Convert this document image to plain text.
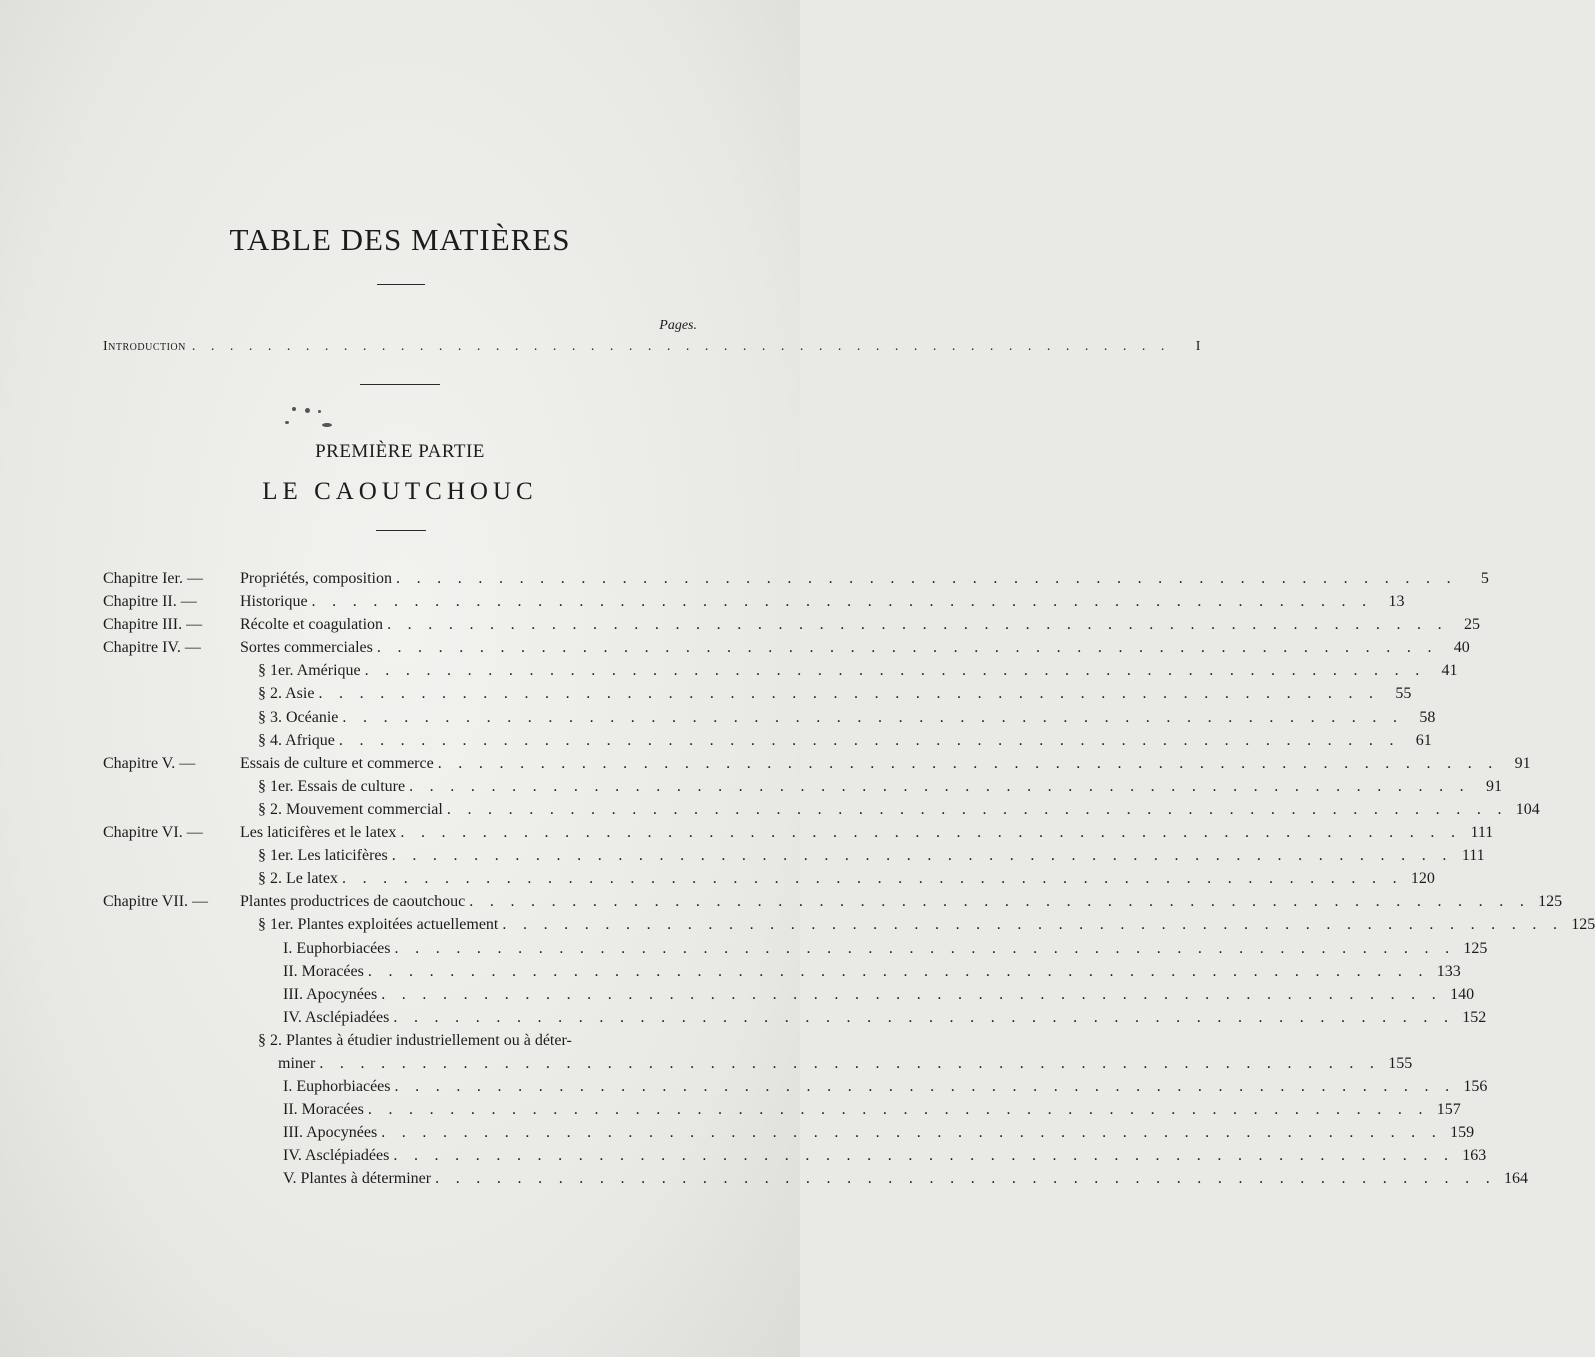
TABLE DES MATIÈRES
Pages.
Introduction . . . . . . . . . . . . . . . . . . . . . . . . . . . . . . . . . . . . . . . . . . . . . . . . . . . .	I
PREMIÈRE PARTIE
LE CAOUTCHOUC
Chapitre Ier. — Propriétés, composition . . . . . . . . . . . . . . . . . . . . . . . . . . . . . . . . . . . . . . . . . . . . . . . . . . . .	5
Chapitre II. —	Historique . . . . . . . . . . . . . . . . . . . . . . . . . . . . . . . . . . . . . . . . . . . . . . . . . . . .	13
Chapitre III. — Récolte et coagulation . . . . . . . . . . . . . . . . . . . . . . . . . . . . . . . . . . . . . . . . . . . . . . . . . . . .	25
Chapitre IV. — Sortes commerciales . . . . . . . . . . . . . . . . . . . . . . . . . . . . . . . . . . . . . . . . . . . . . . . . . . . .	40
§ 1er. Amérique . . . . . . . . . . . . . . . . . . . . . . . . . . . . . . . . . . . . . . . . . . . . . . . . . . . .	41
§ 2. Asie . . . . . . . . . . . . . . . . . . . . . . . . . . . . . . . . . . . . . . . . . . . . . . . . . . . .	55
§ 3. Océanie . . . . . . . . . . . . . . . . . . . . . . . . . . . . . . . . . . . . . . . . . . . . . . . . . . . .	58
§ 4. Afrique . . . . . . . . . . . . . . . . . . . . . . . . . . . . . . . . . . . . . . . . . . . . . . . . . . . .	61
Chapitre V. —	Essais de culture et commerce . . . . . . . . . . . . . . . . . . . . . . . . . . . . . . . . . . . . . . . . . . . . . . . . . . . .	91
§ 1er. Essais de culture . . . . . . . . . . . . . . . . . . . . . . . . . . . . . . . . . . . . . . . . . . . . . . . . . . . .	91
§ 2. Mouvement commercial . . . . . . . . . . . . . . . . . . . . . . . . . . . . . . . . . . . . . . . . . . . . . . . . . . . . 104
Chapitre VI. — Les laticifères et le latex . . . . . . . . . . . . . . . . . . . . . . . . . . . . . . . . . . . . . . . . . . . . . . . . . . . . 111
§ 1er. Les laticifères . . . . . . . . . . . . . . . . . . . . . . . . . . . . . . . . . . . . . . . . . . . . . . . . . . . . 111
§ 2. Le latex . . . . . . . . . . . . . . . . . . . . . . . . . . . . . . . . . . . . . . . . . . . . . . . . . . . . 120
Chapitre VII. — Plantes productrices de caoutchouc . . . . . . . . . . . . . . . . . . . . . . . . . . . . . . . . . . . . . . . . . . . . . . . . . . . . 125
§ 1er. Plantes exploitées actuellement . . . . . . . . . . . . . . . . . . . . . . . . . . . . . . . . . . . . . . . . . . . . . . . . . . . . 125
I. Euphorbiacées . . . . . . . . . . . . . . . . . . . . . . . . . . . . . . . . . . . . . . . . . . . . . . . . . . . . 125
II. Moracées . . . . . . . . . . . . . . . . . . . . . . . . . . . . . . . . . . . . . . . . . . . . . . . . . . . . 133
III. Apocynées . . . . . . . . . . . . . . . . . . . . . . . . . . . . . . . . . . . . . . . . . . . . . . . . . . . . 140
IV. Asclépiadées . . . . . . . . . . . . . . . . . . . . . . . . . . . . . . . . . . . . . . . . . . . . . . . . . . . . 152
§ 2. Plantes à étudier industriellement ou à déter-
miner . . . . . . . . . . . . . . . . . . . . . . . . . . . . . . . . . . . . . . . . . . . . . . . . . . . . 155
I. Euphorbiacées . . . . . . . . . . . . . . . . . . . . . . . . . . . . . . . . . . . . . . . . . . . . . . . . . . . . 156
II. Moracées . . . . . . . . . . . . . . . . . . . . . . . . . . . . . . . . . . . . . . . . . . . . . . . . . . . . 157
III. Apocynées . . . . . . . . . . . . . . . . . . . . . . . . . . . . . . . . . . . . . . . . . . . . . . . . . . . . 159
IV. Asclépiadées . . . . . . . . . . . . . . . . . . . . . . . . . . . . . . . . . . . . . . . . . . . . . . . . . . . . 163
V. Plantes à déterminer . . . . . . . . . . . . . . . . . . . . . . . . . . . . . . . . . . . . . . . . . . . . . . . . . . . . 164
